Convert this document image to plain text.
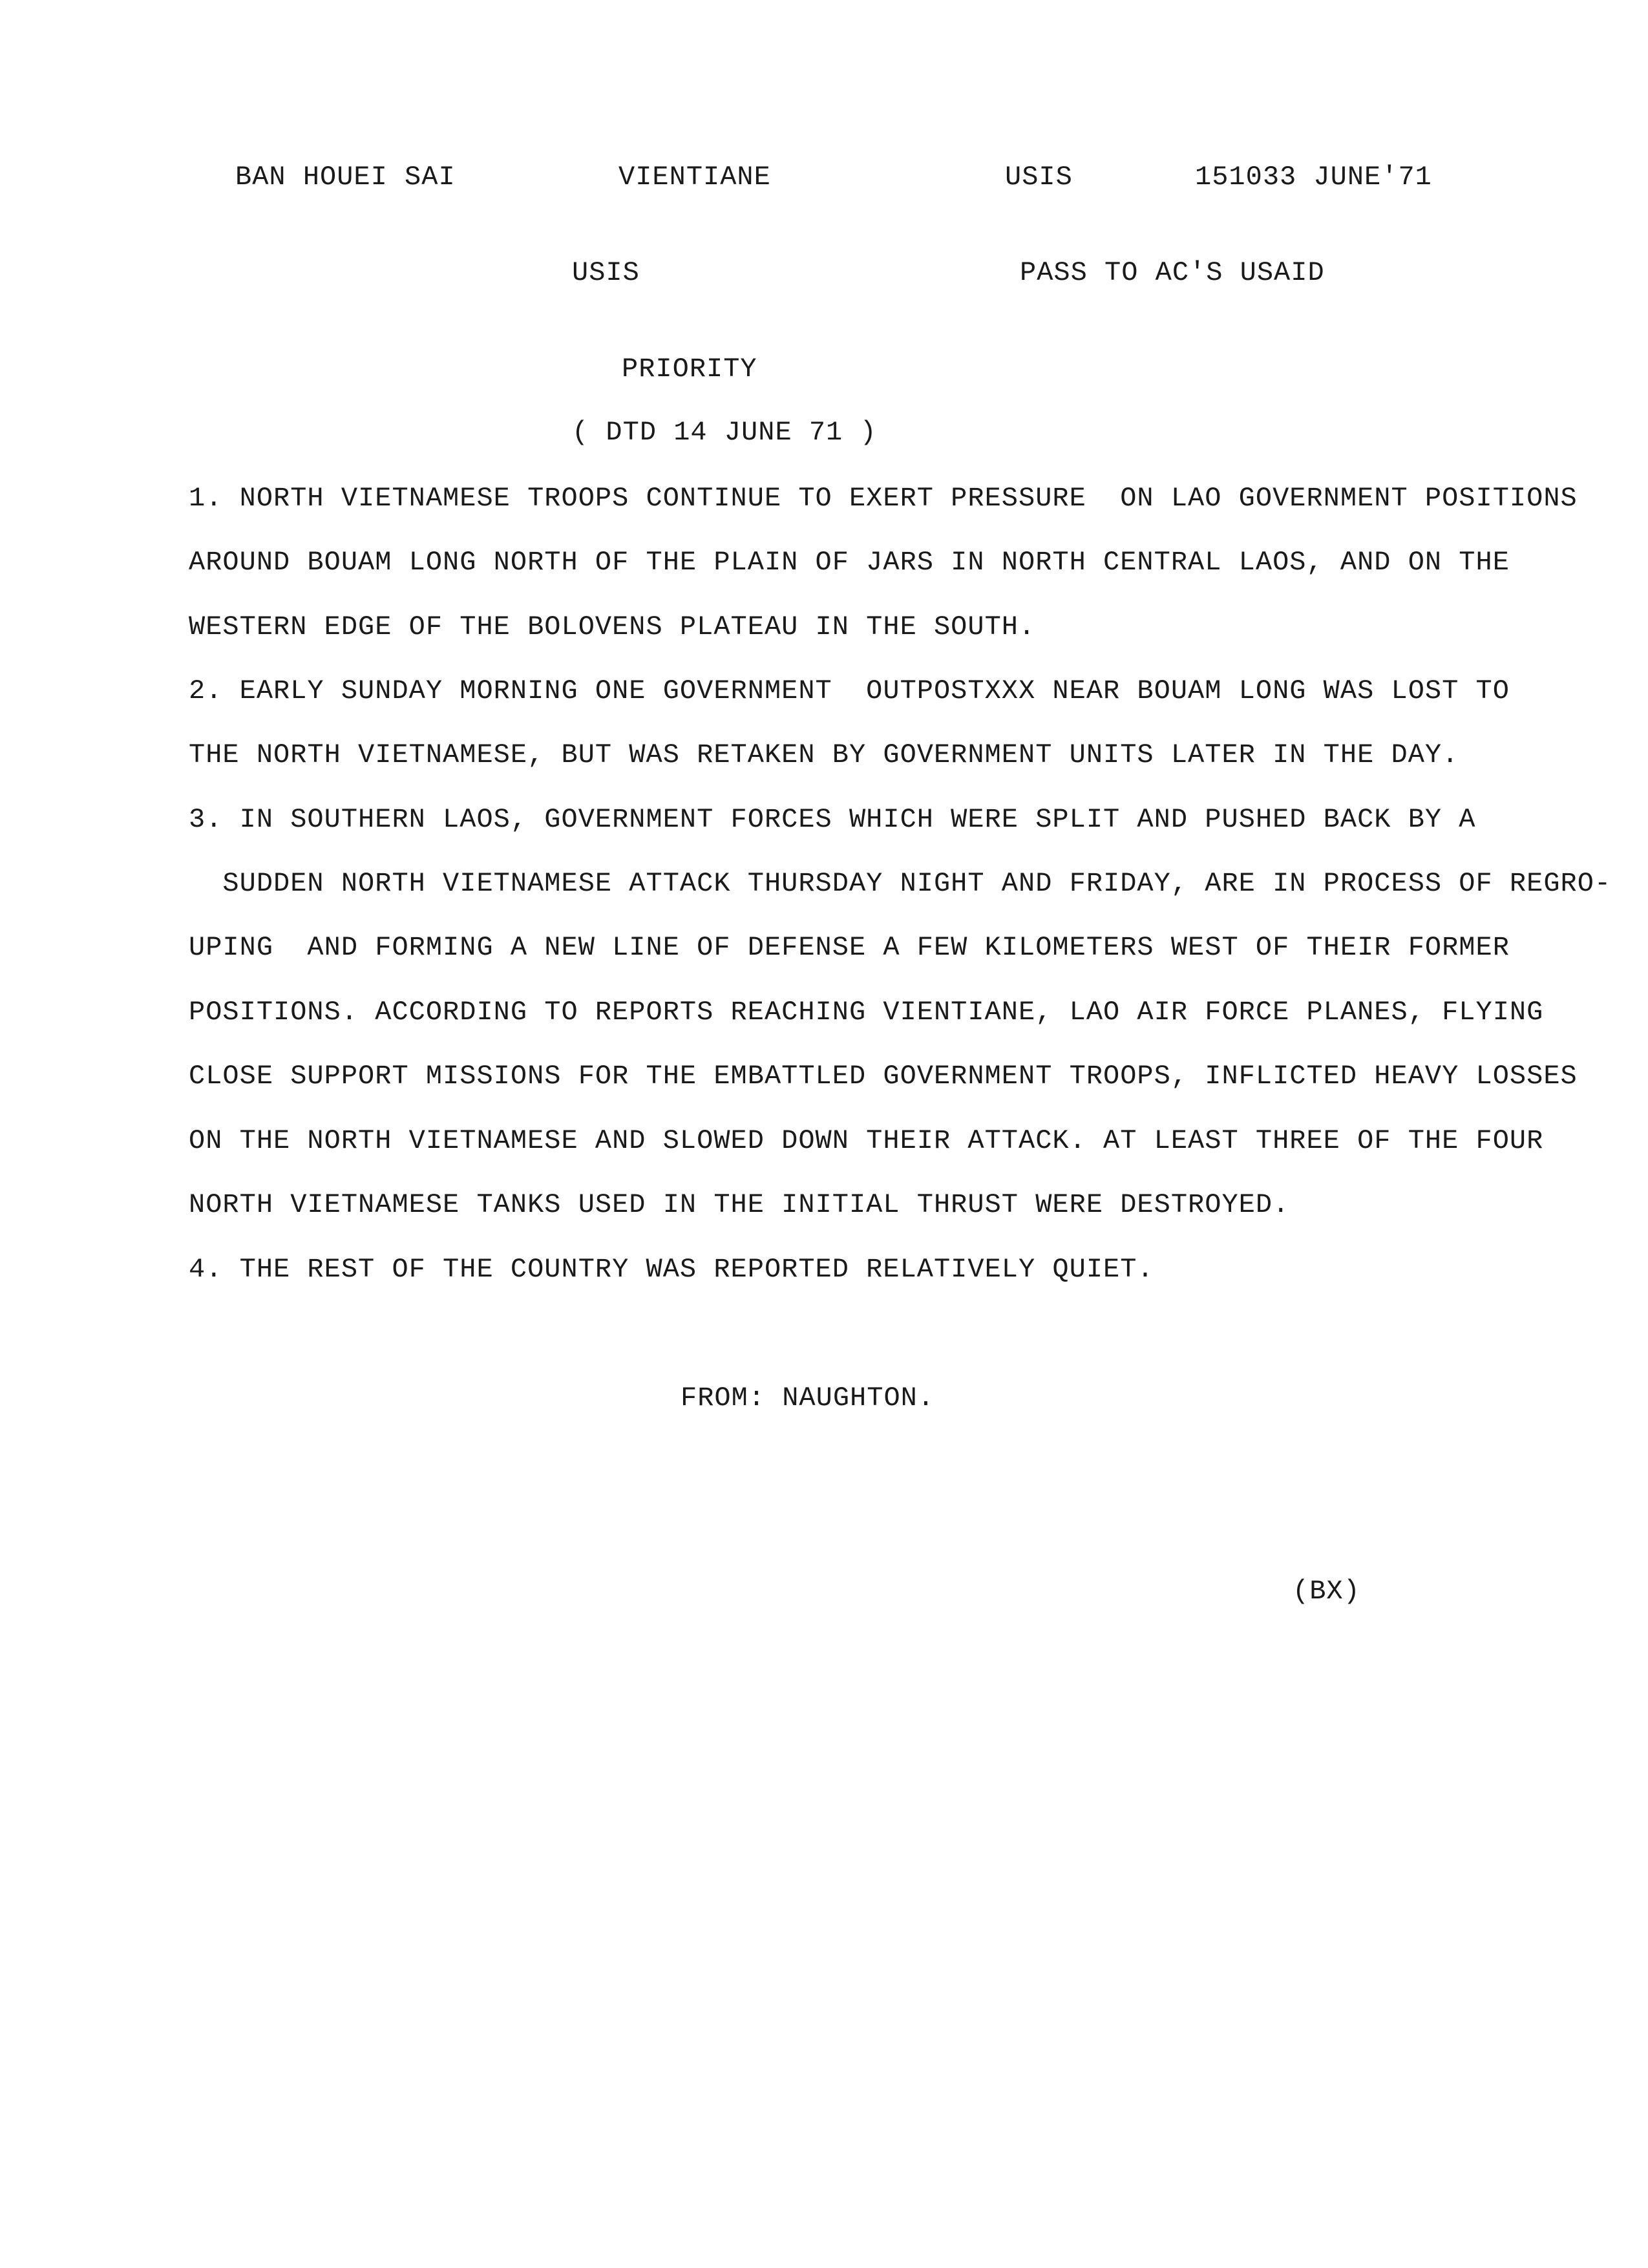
BAN HOUEI SAI	VIENTIANE	USIS	151033 JUNE'71
USIS	PASS TO AC'S USAID
PRIORITY
( DTD 14 JUNE 71 )
1. NORTH VIETNAMESE TROOPS CONTINUE TO EXERT PRESSURE  ON LAO GOVERNMENT POSITIONS
AROUND BOUAM LONG NORTH OF THE PLAIN OF JARS IN NORTH CENTRAL LAOS, AND ON THE
WESTERN EDGE OF THE BOLOVENS PLATEAU IN THE SOUTH.
2. EARLY SUNDAY MORNING ONE GOVERNMENT  OUTPOSTXXX NEAR BOUAM LONG WAS LOST TO
THE NORTH VIETNAMESE, BUT WAS RETAKEN BY GOVERNMENT UNITS LATER IN THE DAY.
3. IN SOUTHERN LAOS, GOVERNMENT FORCES WHICH WERE SPLIT AND PUSHED BACK BY A
SUDDEN NORTH VIETNAMESE ATTACK THURSDAY NIGHT AND FRIDAY, ARE IN PROCESS OF REGRO-
UPING  AND FORMING A NEW LINE OF DEFENSE A FEW KILOMETERS WEST OF THEIR FORMER
POSITIONS. ACCORDING TO REPORTS REACHING VIENTIANE, LAO AIR FORCE PLANES, FLYING
CLOSE SUPPORT MISSIONS FOR THE EMBATTLED GOVERNMENT TROOPS, INFLICTED HEAVY LOSSES
ON THE NORTH VIETNAMESE AND SLOWED DOWN THEIR ATTACK. AT LEAST THREE OF THE FOUR
NORTH VIETNAMESE TANKS USED IN THE INITIAL THRUST WERE DESTROYED.
4. THE REST OF THE COUNTRY WAS REPORTED RELATIVELY QUIET.
FROM: NAUGHTON.
(BX)
